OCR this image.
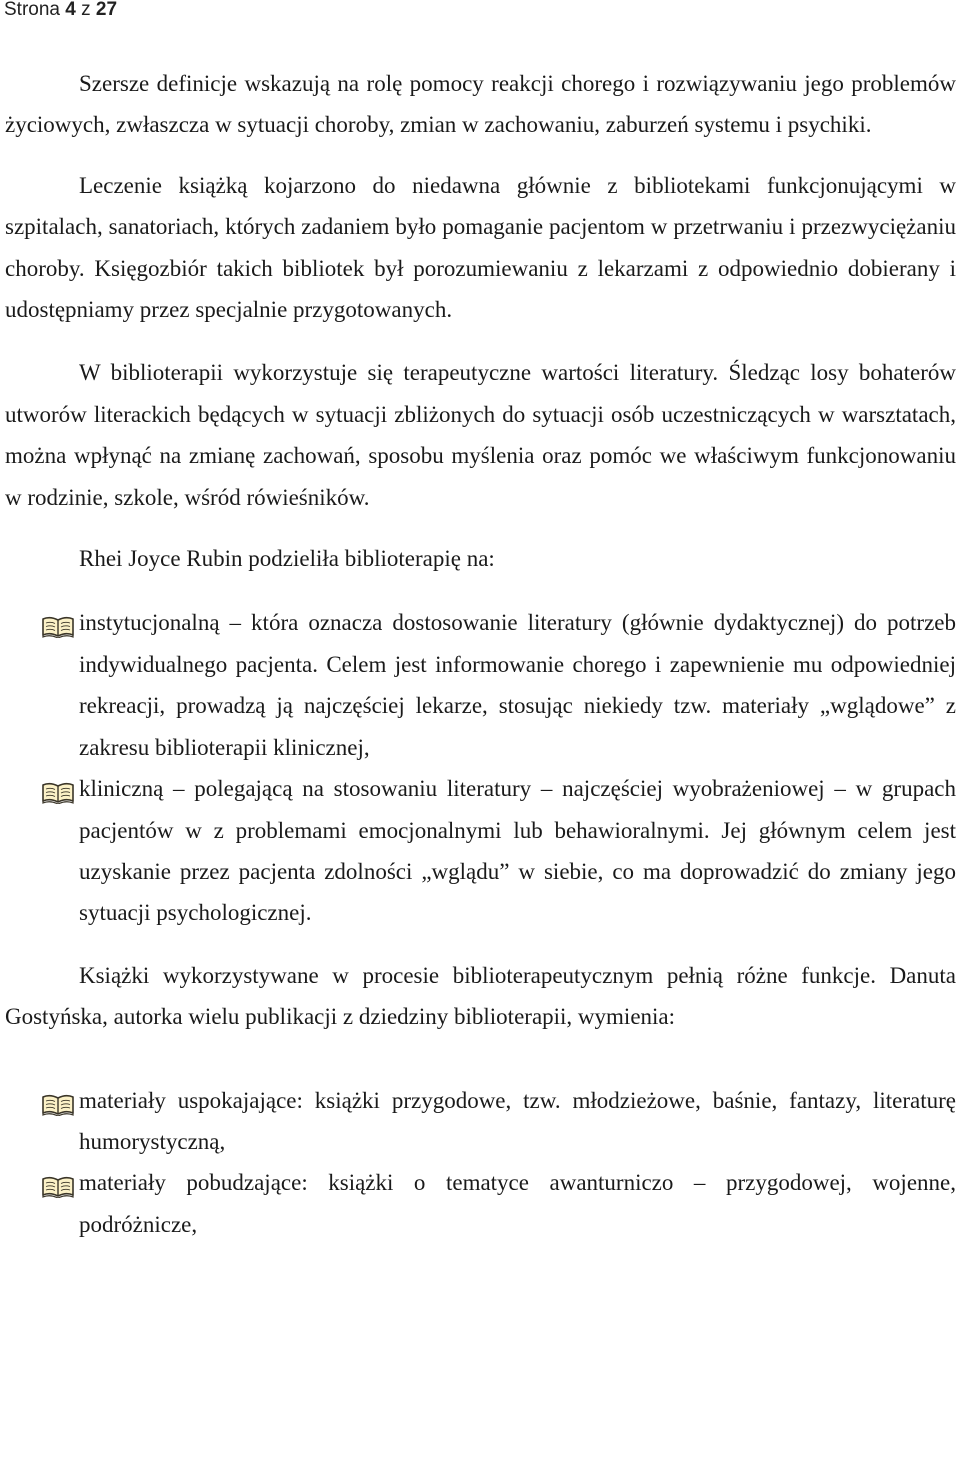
Strona 4 z 27

Szersze definicje wskazują na rolę pomocy reakcji chorego i rozwiązywaniu jego problemów życiowych, zwłaszcza w sytuacji choroby, zmian w zachowaniu, zaburzeń systemu i psychiki.

Leczenie książką kojarzono do niedawna głównie z bibliotekami funkcjonującymi w szpitalach, sanatoriach, których zadaniem było pomaganie pacjentom w przetrwaniu i przezwyciężaniu choroby. Księgozbiór takich bibliotek był porozumiewaniu z lekarzami z odpowiednio dobierany i udostępniamy przez specjalnie przygotowanych.

W biblioterapii wykorzystuje się terapeutyczne wartości literatury. Śledząc losy bohaterów utworów literackich będących w sytuacji zbliżonych do sytuacji osób uczestniczących w warsztatach, można wpłynąć na zmianę zachowań, sposobu myślenia oraz pomóc we właściwym funkcjonowaniu w rodzinie, szkole, wśród rówieśników.

Rhei Joyce Rubin podzieliła biblioterapię na:

instytucjonalną – która oznacza dostosowanie literatury (głównie dydaktycznej) do potrzeb indywidualnego pacjenta. Celem jest informowanie chorego i zapewnienie mu odpowiedniej rekreacji, prowadzą ją najczęściej lekarze, stosując niekiedy tzw. materiały „wglądowe” z zakresu biblioterapii klinicznej,
kliniczną – polegającą na stosowaniu literatury – najczęściej wyobrażeniowej – w grupach pacjentów w z problemami emocjonalnymi lub behawioralnymi. Jej głównym celem jest uzyskanie przez pacjenta zdolności „wglądu” w siebie, co ma doprowadzić do zmiany jego sytuacji psychologicznej.

Książki wykorzystywane w procesie biblioterapeutycznym pełnią różne funkcje. Danuta Gostyńska, autorka wielu publikacji z dziedziny biblioterapii, wymienia:

materiały uspokajające: książki przygodowe, tzw. młodzieżowe, baśnie, fantazy, literaturę humorystyczną,
materiały pobudzające: książki o tematyce awanturniczo – przygodowej, wojenne, podróżnicze,
